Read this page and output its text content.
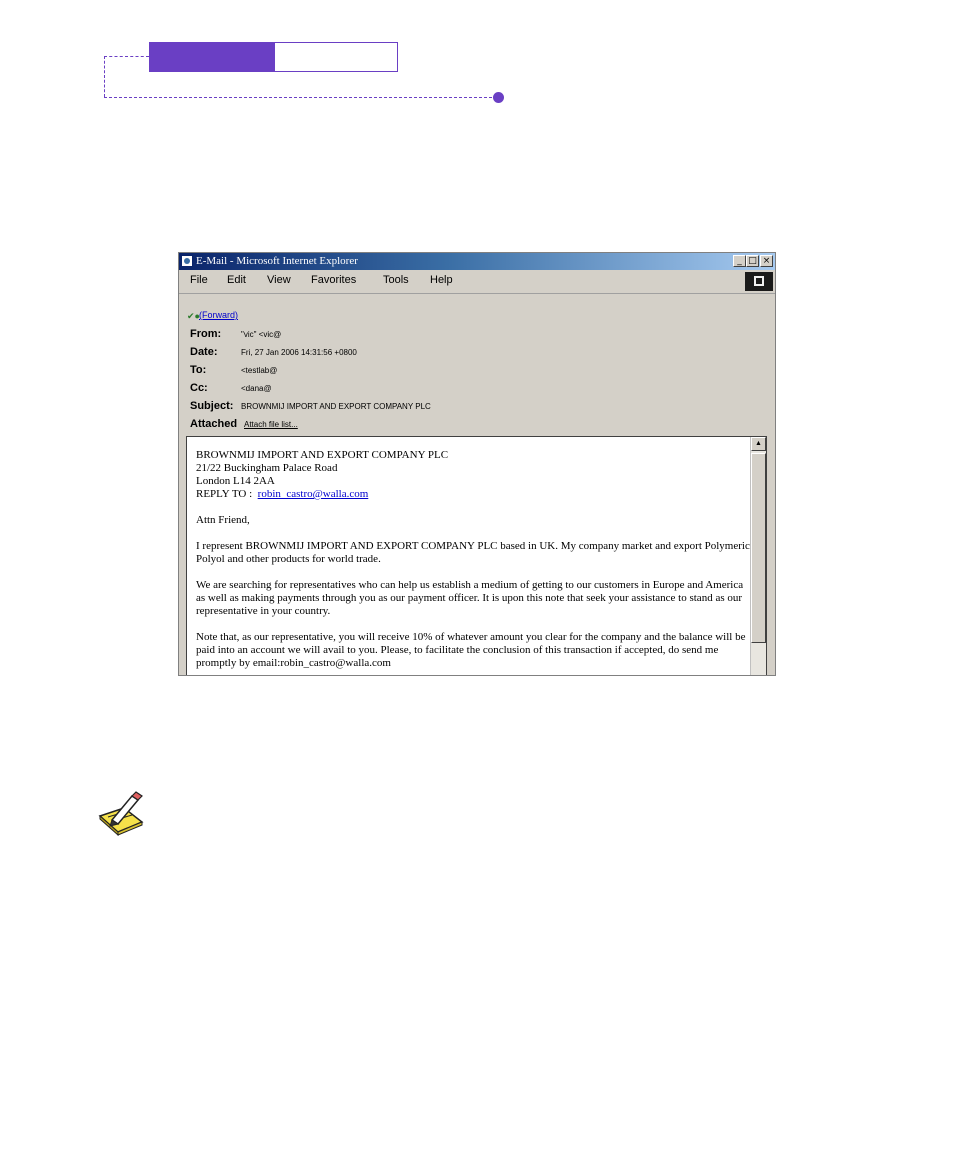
E-Mail - Microsoft Internet Explorer	_ □ ×
File Edit View Favorites Tools Help
✔●(Forward)
From: "vic" <vic@
Date:	Fri, 27 Jan 2006 14:31:56 +0800
To:	<testlab@
Cc:	<dana@
Subject: BROWNMIJ IMPORT AND EXPORT COMPANY PLC
Attached Attach file list...
BROWNMIJ IMPORT AND EXPORT COMPANY PLC
21/22 Buckingham Palace Road
London L14 2AA

REPLY TO : robin_castro@walla.com

Attn Friend,

I represent BROWNMIJ IMPORT AND EXPORT COMPANY PLC based in UK. My company market and export Polymeric Polyol and other products for world trade.

We are searching for representatives who can help us establish a medium of getting to our customers in Europe and America as well as making payments through you as our payment officer. It is upon this note that seek your assistance to stand as our representative in your country.

Note that, as our representative, you will receive 10% of whatever amount you clear for the company and the balance will be paid into an account we will avail to you. Please, to facilitate the conclusion of this transaction if accepted, do send me promptly by email:robin_castro@walla.com

▲
